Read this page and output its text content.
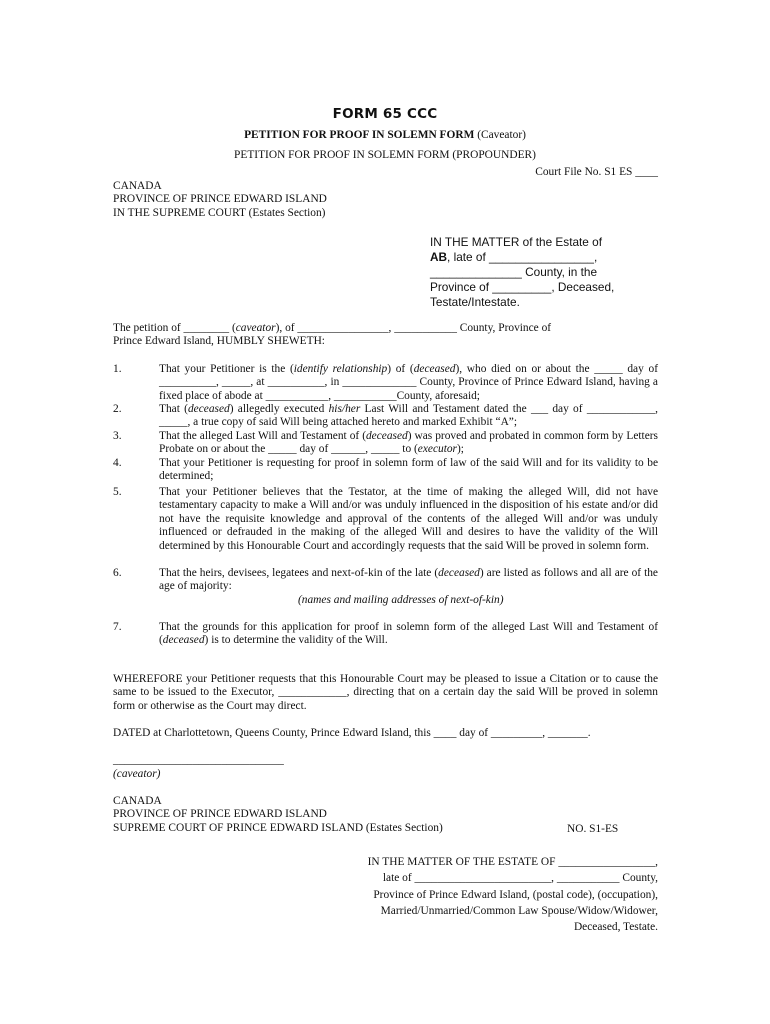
FORM 65 CCC
PETITION FOR PROOF IN SOLEMN FORM (Caveator)
PETITION FOR PROOF IN SOLEMN FORM (PROPOUNDER)
Court File No. S1 ES ____
CANADA
PROVINCE OF PRINCE EDWARD ISLAND
IN THE SUPREME COURT (Estates Section)
IN THE MATTER of the Estate of
AB, late of ________________,
______________ County, in the
Province of _________, Deceased,
Testate/Intestate.
The petition of ________ (caveator), of ________________, ___________ County, Province of
Prince Edward Island, HUMBLY SHEWETH:
1.	That your Petitioner is the (identify relationship) of (deceased), who died on or about the _____ day of __________, _____, at __________, in _____________ County, Province of Prince Edward Island, having a fixed place of abode at ___________, ___________County, aforesaid;
2.	That (deceased) allegedly executed his/her Last Will and Testament dated the ___ day of ____________, _____, a true copy of said Will being attached hereto and marked Exhibit “A”;
3.	That the alleged Last Will and Testament of (deceased) was proved and probated in common form by Letters Probate on or about the _____ day of ______, _____ to (executor);
4.	That your Petitioner is requesting for proof in solemn form of law of the said Will and for its validity to be determined;
5.	That your Petitioner believes that the Testator, at the time of making the alleged Will, did not have testamentary capacity to make a Will and/or was unduly influenced in the disposition of his estate and/or did not have the requisite knowledge and approval of the contents of the alleged Will and/or was unduly influenced or defrauded in the making of the alleged Will and desires to have the validity of the Will determined by this Honourable Court and accordingly requests that the said Will be proved in solemn form.
6.	That the heirs, devisees, legatees and next-of-kin of the late (deceased) are listed as follows and all are of the age of majority:
(names and mailing addresses of next-of-kin)
7.	That the grounds for this application for proof in solemn form of the alleged Last Will and Testament of (deceased) is to determine the validity of the Will.
WHEREFORE your Petitioner requests that this Honourable Court may be pleased to issue a Citation or to cause the same to be issued to the Executor, ____________, directing that on a certain day the said Will be proved in solemn form or otherwise as the Court may direct.
DATED at Charlottetown, Queens County, Prince Edward Island, this ____ day of _________, _______.
______________________________
(caveator)
CANADA
PROVINCE OF PRINCE EDWARD ISLAND
SUPREME COURT OF PRINCE EDWARD ISLAND (Estates Section)	NO. S1-ES
IN THE MATTER OF THE ESTATE OF _________________,
late of ________________________, ___________ County,
Province of Prince Edward Island, (postal code), (occupation),
Married/Unmarried/Common Law Spouse/Widow/Widower,
Deceased, Testate.
